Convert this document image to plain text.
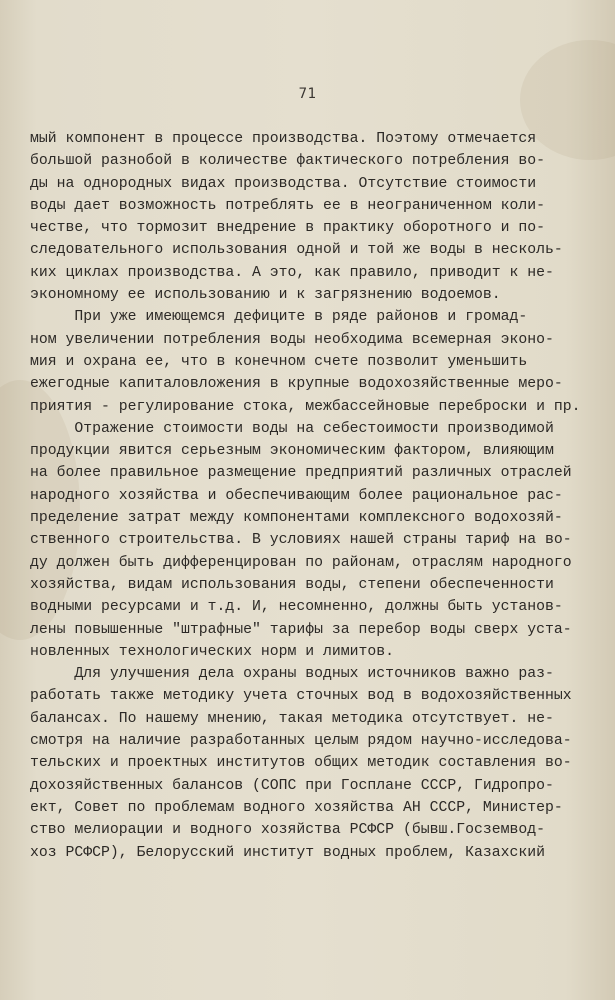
71
мый компонент в процессе производства. Поэтому отмечается
большой разнобой в количестве фактического потребления во-
ды на однородных видах производства. Отсутствие стоимости
воды дает возможность потреблять ее в неограниченном коли-
честве, что тормозит внедрение в практику оборотного и по-
следовательного использования одной и той же воды в несколь-
ких циклах производства. А это, как правило, приводит к не-
экономному ее использованию и к загрязнению водоемов.
При уже имеющемся дефиците в ряде районов и громад-
ном увеличении потребления воды необходима всемерная эконо-
мия и охрана ее, что в конечном счете позволит уменьшить
ежегодные капиталовложения в крупные водохозяйственные меро-
приятия - регулирование стока, межбассейновые переброски и пр.
Отражение стоимости воды на себестоимости производимой
продукции явится серьезным экономическим фактором, влияющим
на более правильное размещение предприятий различных отраслей
народного хозяйства и обеспечивающим более рациональное рас-
пределение затрат между компонентами комплексного водохозяй-
ственного строительства. В условиях нашей страны тариф на во-
ду должен быть дифференцирован по районам, отраслям народного
хозяйства, видам использования воды, степени обеспеченности
водными ресурсами и т.д. И, несомненно, должны быть установ-
лены повышенные "штрафные" тарифы за перебор воды сверх уста-
новленных технологических норм и лимитов.
Для улучшения дела охраны водных источников важно раз-
работать также методику учета сточных вод в водохозяйственных
балансах. По нашему мнению, такая методика отсутствует. не-
смотря на наличие разработанных целым рядом научно-исследова-
тельских и проектных институтов общих методик составления во-
дохозяйственных балансов (СОПС при Госплане СССР, Гидропро-
ект, Совет по проблемам водного хозяйства АН СССР, Министер-
ство мелиорации и водного хозяйства РСФСР (бывш.Госземвод-
хоз РСФСР), Белорусский институт водных проблем, Казахский
